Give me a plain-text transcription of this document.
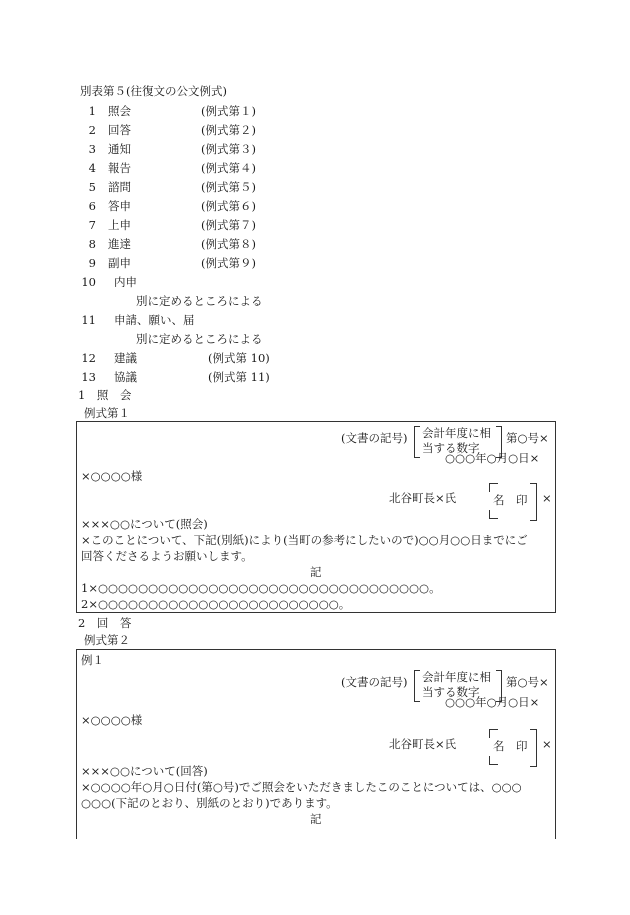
別表第５(往復文の公文例式)
1 照会	(例式第１)
2 回答	(例式第２)
3 通知	(例式第３)
4 報告	(例式第４)
5 諮問	(例式第５)
6 答申	(例式第６)
7 上申	(例式第７)
8 進達	(例式第８)
9 副申	(例式第９)
10 内申
別に定めるところによる
11 申請、願い、届
別に定めるところによる
12 建議	(例式第 10)
13 協議	(例式第 11)
1　照　会
例式第１
(文書の記号) 会計年度に相
当する数字
第○号×
○○○年○月○日×
×○○○○様
北谷町長×氏	名　印 ×
×××○○について(照会)
×このことについて、下記(別紙)により(当町の参考にしたいので)○○月○○日までにご
回答くださるようお願いします。
記
1×○○○○○○○○○○○○○○○○○○○○○○○○○○○○○○○○○。
2×○○○○○○○○○○○○○○○○○○○○○○○○。
2　回　答
例式第２
例１
(文書の記号) 会計年度に相
当する数字
第○号×
○○○年○月○日×
×○○○○様
北谷町長×氏	名　印 ×
×××○○について(回答)
×○○○○年○月○日付(第○号)でご照会をいただきましたこのことについては、○○○
○○○(下記のとおり、別紙のとおり)であります。
記
